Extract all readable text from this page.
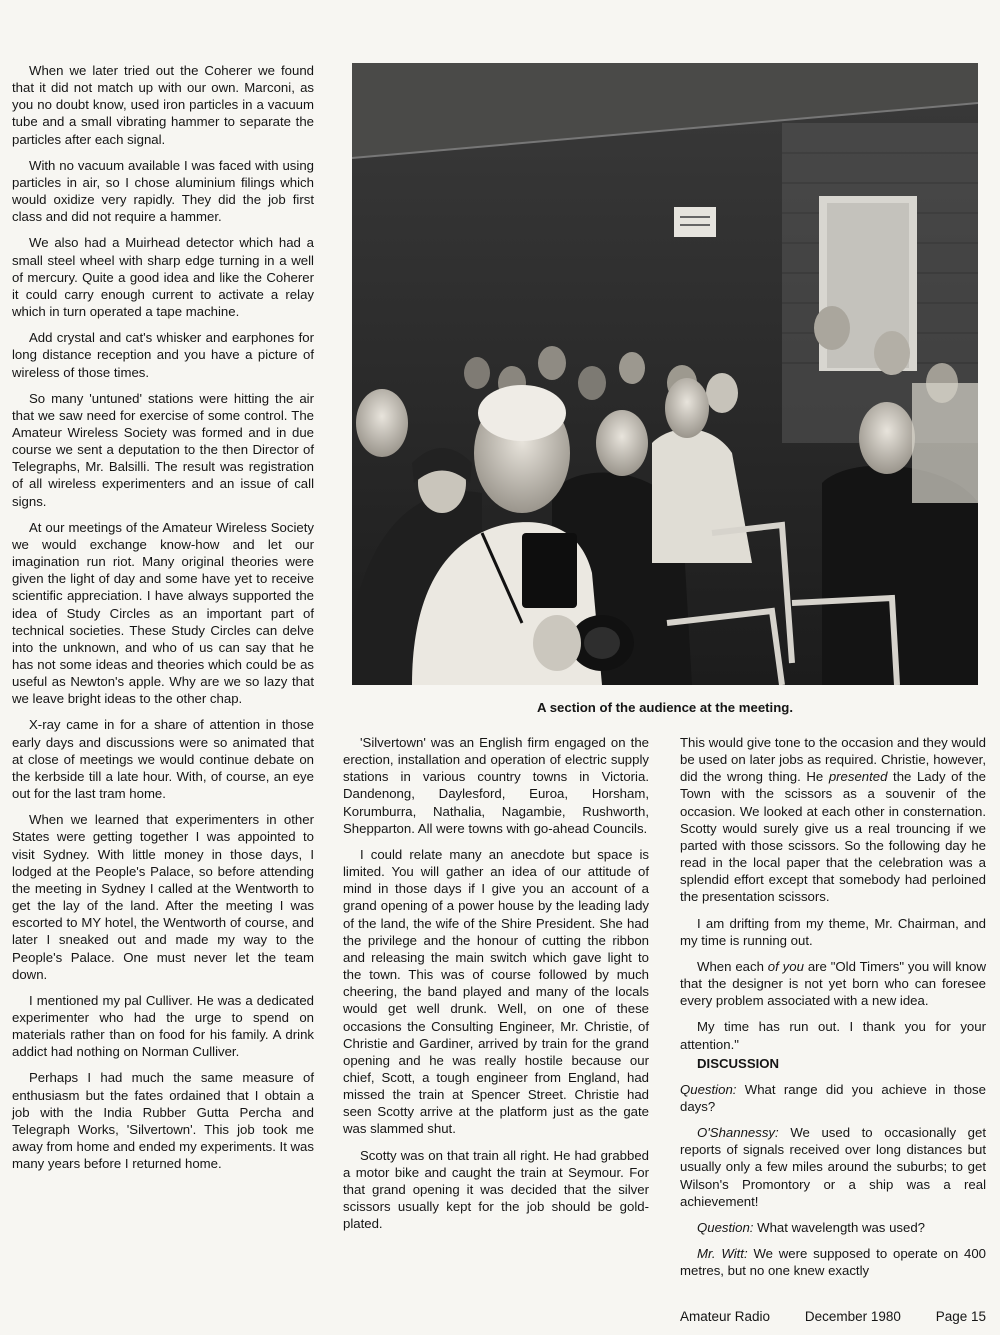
When we later tried out the Coherer we found that it did not match up with our own. Marconi, as you no doubt know, used iron particles in a vacuum tube and a small vibrating hammer to separate the particles after each signal.

With no vacuum available I was faced with using particles in air, so I chose aluminium filings which would oxidize very rapidly. They did the job first class and did not require a hammer.

We also had a Muirhead detector which had a small steel wheel with sharp edge turning in a well of mercury. Quite a good idea and like the Coherer it could carry enough current to activate a relay which in turn operated a tape machine.

Add crystal and cat's whisker and earphones for long distance reception and you have a picture of wireless of those times.

So many 'untuned' stations were hitting the air that we saw need for exercise of some control. The Amateur Wireless Society was formed and in due course we sent a deputation to the then Director of Telegraphs, Mr. Balsilli. The result was registration of all wireless experimenters and an issue of call signs.

At our meetings of the Amateur Wireless Society we would exchange know-how and let our imagination run riot. Many original theories were given the light of day and some have yet to receive scientific appreciation. I have always supported the idea of Study Circles as an important part of technical societies. These Study Circles can delve into the unknown, and who of us can say that he has not some ideas and theories which could be as useful as Newton's apple. Why are we so lazy that we leave bright ideas to the other chap.

X-ray came in for a share of attention in those early days and discussions were so animated that at close of meetings we would continue debate on the kerbside till a late hour. With, of course, an eye out for the last tram home.

When we learned that experimenters in other States were getting together I was appointed to visit Sydney. With little money in those days, I lodged at the People's Palace, so before attending the meeting in Sydney I called at the Wentworth to get the lay of the land. After the meeting I was escorted to MY hotel, the Wentworth of course, and later I sneaked out and made my way to the People's Palace. One must never let the team down.

I mentioned my pal Culliver. He was a dedicated experimenter who had the urge to spend on materials rather than on food for his family. A drink addict had nothing on Norman Culliver.

Perhaps I had much the same measure of enthusiasm but the fates ordained that I obtain a job with the India Rubber Gutta Percha and Telegraph Works, 'Silvertown'. This job took me away from home and ended my experiments. It was many years before I returned home.

A section of the audience at the meeting.

'Silvertown' was an English firm engaged on the erection, installation and operation of electric supply stations in various country towns in Victoria. Dandenong, Daylesford, Euroa, Horsham, Korumburra, Nathalia, Nagambie, Rushworth, Shepparton. All were towns with go-ahead Councils.

I could relate many an anecdote but space is limited. You will gather an idea of our attitude of mind in those days if I give you an account of a grand opening of a power house by the leading lady of the land, the wife of the Shire President. She had the privilege and the honour of cutting the ribbon and releasing the main switch which gave light to the town. This was of course followed by much cheering, the band played and many of the locals would get well drunk. Well, on one of these occasions the Consulting Engineer, Mr. Christie, of Christie and Gardiner, arrived by train for the grand opening and he was really hostile because our chief, Scott, a tough engineer from England, had missed the train at Spencer Street. Christie had seen Scotty arrive at the platform just as the gate was slammed shut.

Scotty was on that train all right. He had grabbed a motor bike and caught the train at Seymour. For that grand opening it was decided that the silver scissors usually kept for the job should be gold-plated.

This would give tone to the occasion and they would be used on later jobs as required. Christie, however, did the wrong thing. He presented the Lady of the Town with the scissors as a souvenir of the occasion. We looked at each other in consternation. Scotty would surely give us a real trouncing if we parted with those scissors. So the following day he read in the local paper that the celebration was a splendid effort except that somebody had perloined the presentation scissors.

I am drifting from my theme, Mr. Chairman, and my time is running out.

When each of you are "Old Timers" you will know that the designer is not yet born who can foresee every problem associated with a new idea.

My time has run out. I thank you for your attention."

DISCUSSION

Question: What range did you achieve in those days?

O'Shannessy: We used to occasionally get reports of signals received over long distances but usually only a few miles around the suburbs; to get Wilson's Promontory or a ship was a real achievement!

Question: What wavelength was used?

Mr. Witt: We were supposed to operate on 400 metres, but no one knew exactly

Amateur Radio	December 1980	Page 15
